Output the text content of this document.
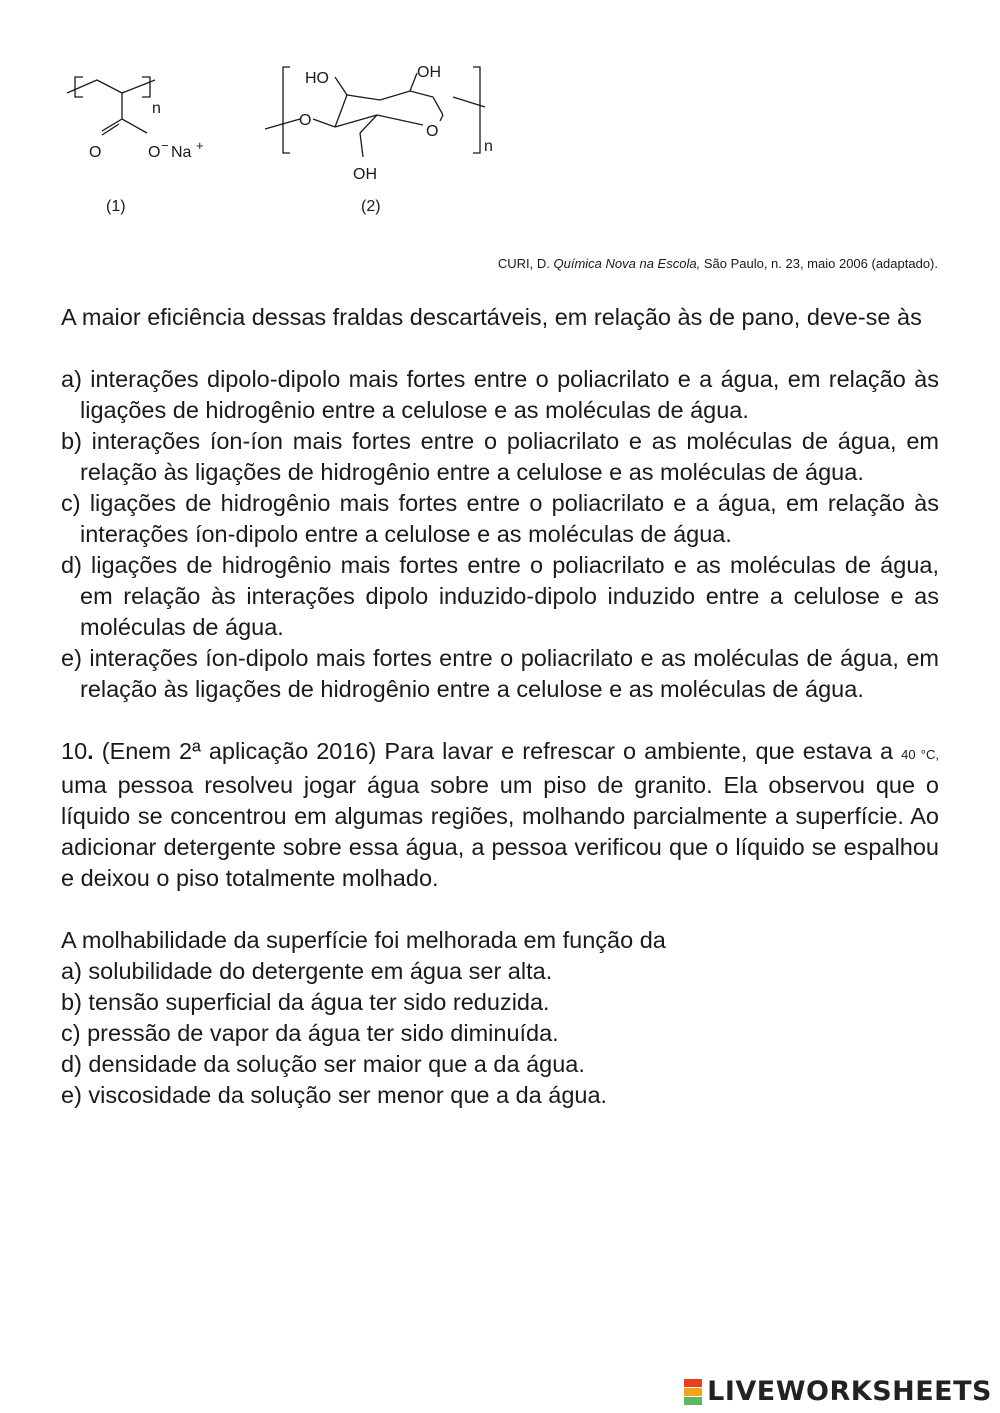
n
O	O − Na +
HO	OH
O
O
OH
n
(1)	(2)
CURI, D. Química Nova na Escola, São Paulo, n. 23, maio 2006 (adaptado).

A maior eficiência dessas fraldas descartáveis, em relação às de pano, deve-se às

a) interações dipolo-dipolo mais fortes entre o poliacrilato e a água, em relação às ligações de hidrogênio entre a celulose e as moléculas de água.

b) interações íon-íon mais fortes entre o poliacrilato e as moléculas de água, em relação às ligações de hidrogênio entre a celulose e as moléculas de água.

c) ligações de hidrogênio mais fortes entre o poliacrilato e a água, em relação às interações íon-dipolo entre a celulose e as moléculas de água.

d) ligações de hidrogênio mais fortes entre o poliacrilato e as moléculas de água, em relação às interações dipolo induzido-dipolo induzido entre a celulose e as moléculas de água.

e) interações íon-dipolo mais fortes entre o poliacrilato e as moléculas de água, em relação às ligações de hidrogênio entre a celulose e as moléculas de água.

10. (Enem 2ª aplicação 2016) Para lavar e refrescar o ambiente, que estava a 40 °C, uma pessoa resolveu jogar água sobre um piso de granito. Ela observou que o líquido se concentrou em algumas regiões, molhando parcialmente a superfície. Ao adicionar detergente sobre essa água, a pessoa verificou que o líquido se espalhou e deixou o piso totalmente molhado.

A molhabilidade da superfície foi melhorada em função da

a) solubilidade do detergente em água ser alta.

b) tensão superficial da água ter sido reduzida.

c) pressão de vapor da água ter sido diminuída.

d) densidade da solução ser maior que a da água.

e) viscosidade da solução ser menor que a da água.

LIVEWORKSHEETS
